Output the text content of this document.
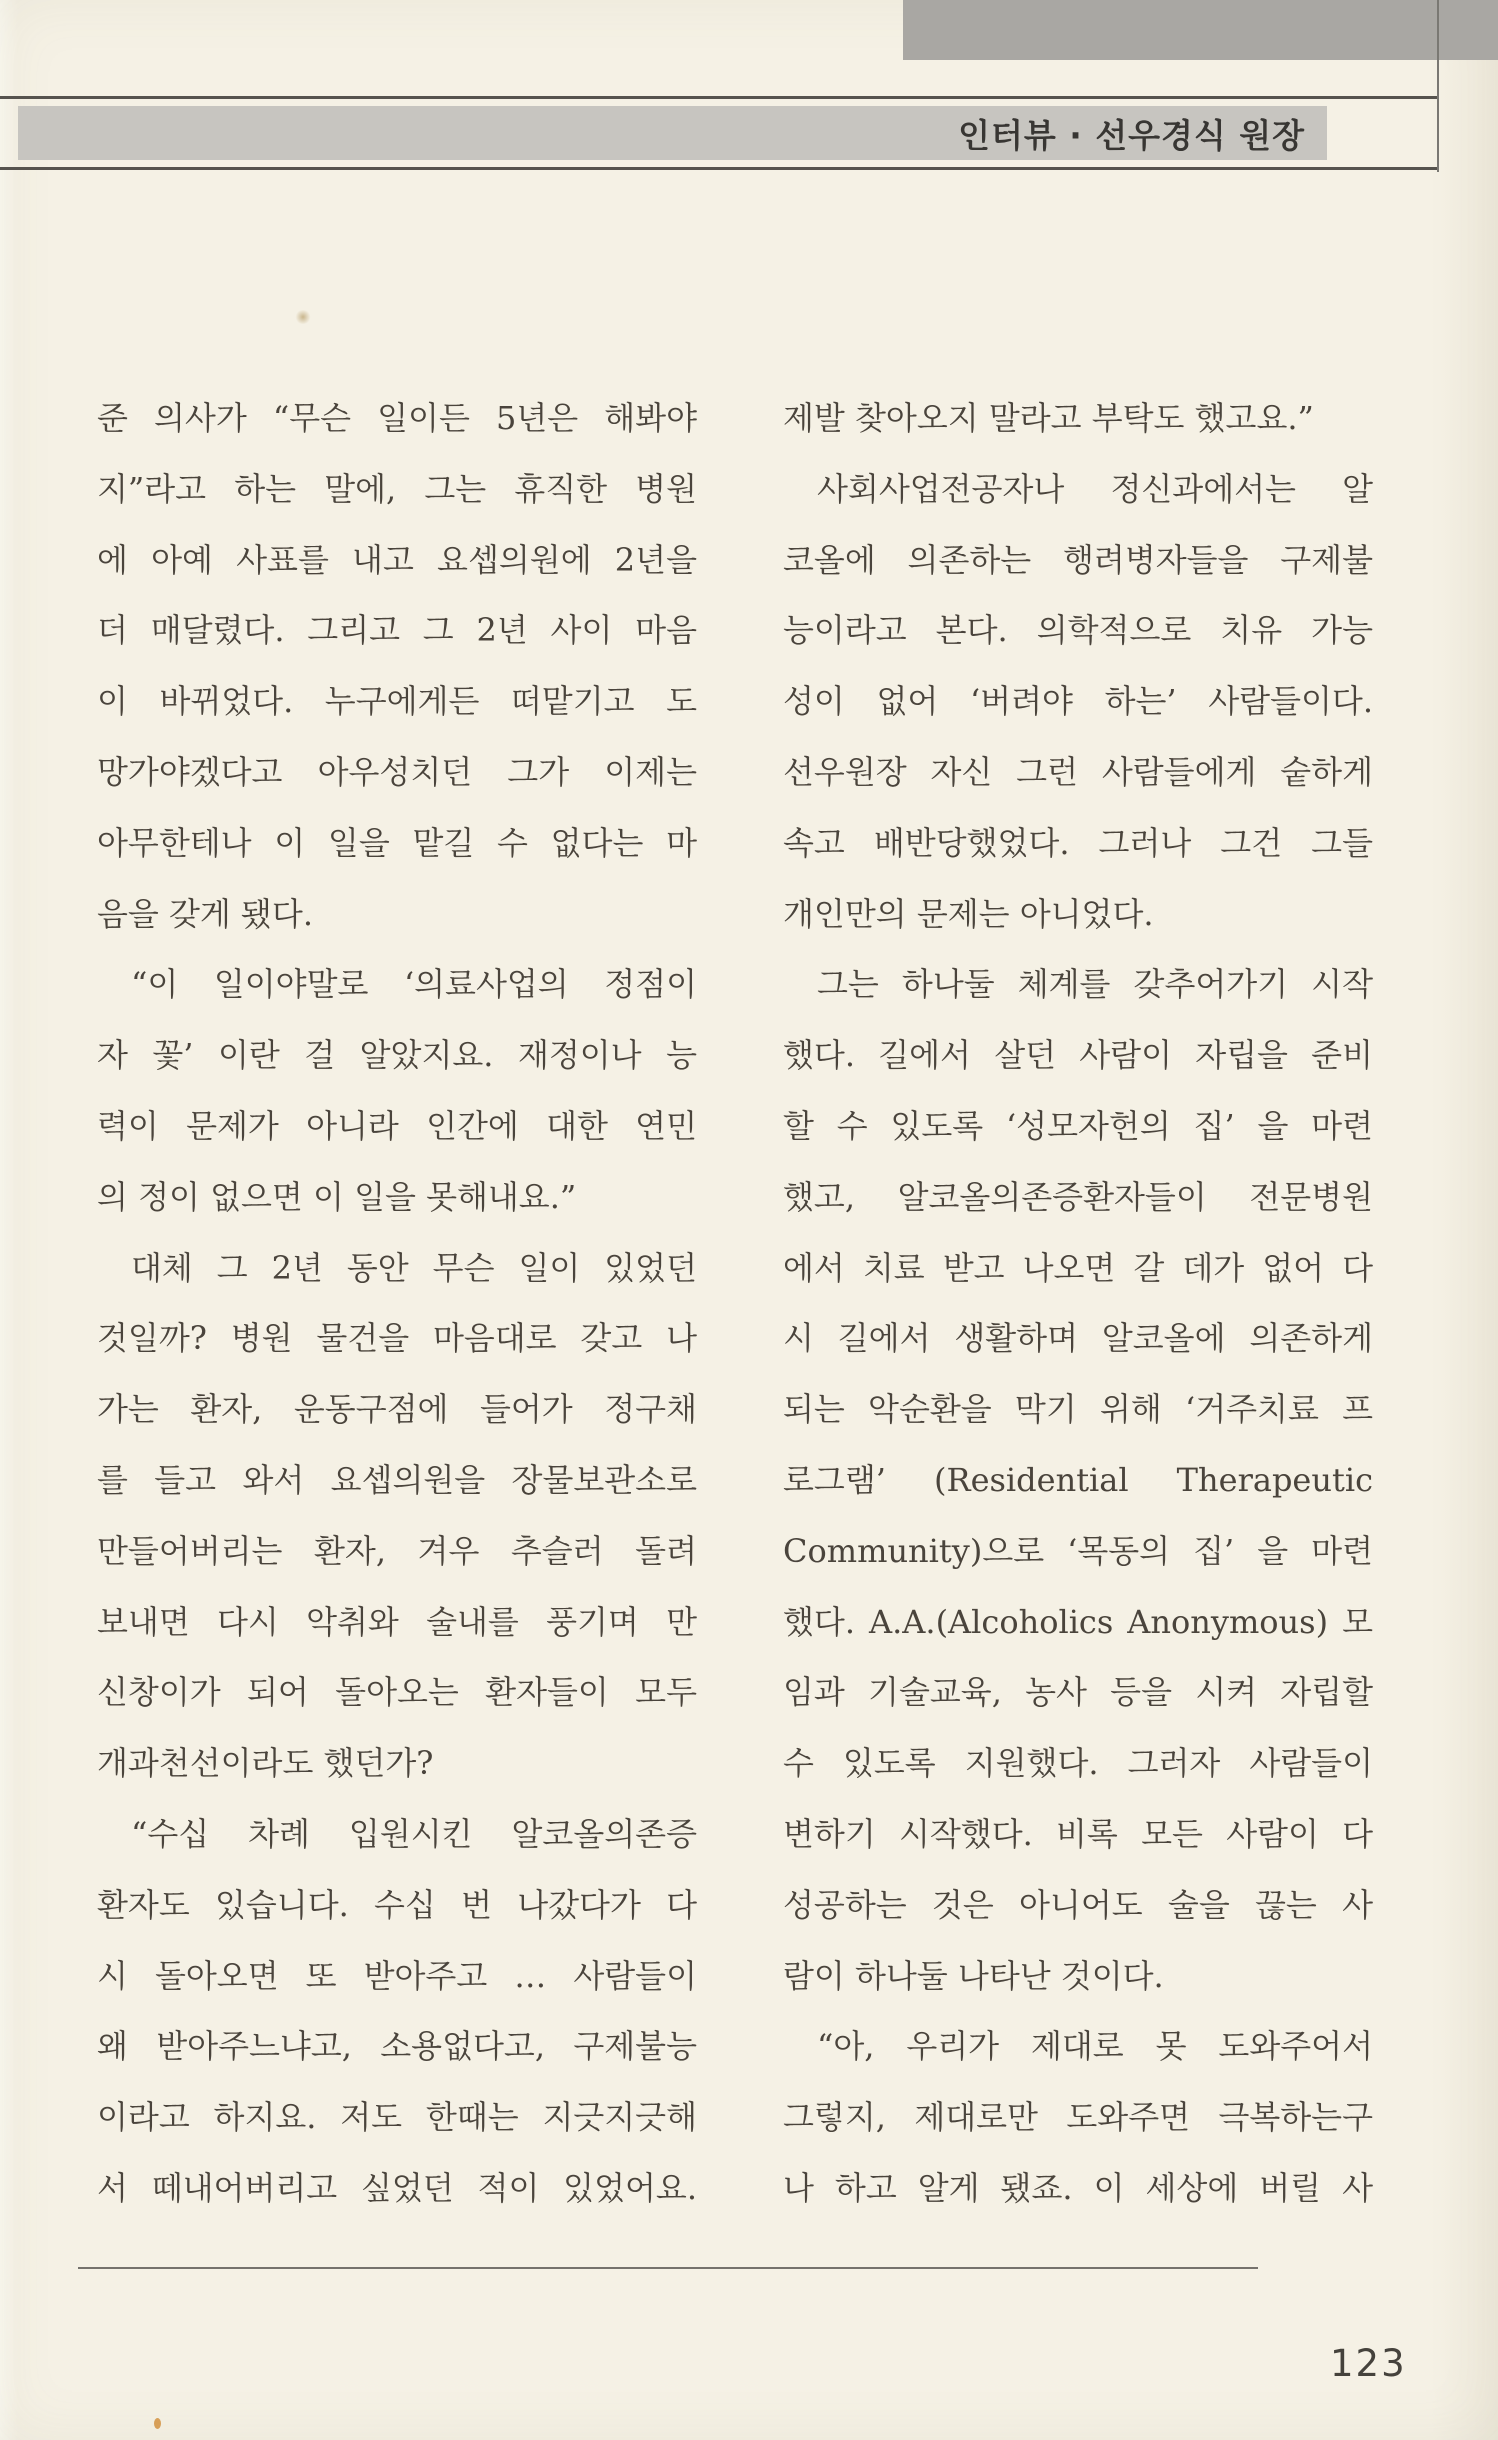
인터뷰 · 선우경식 원장
준 의사가 “무슨 일이든 5년은 해봐야
지”라고 하는 말에, 그는 휴직한 병원
에 아예 사표를 내고 요셉의원에 2년을
더 매달렸다. 그리고 그 2년 사이 마음
이 바뀌었다. 누구에게든 떠맡기고 도
망가야겠다고 아우성치던 그가 이제는
아무한테나 이 일을 맡길 수 없다는 마
음을 갖게 됐다.
“이 일이야말로 ‘의료사업의 정점이
자 꽃’ 이란 걸 알았지요. 재정이나 능
력이 문제가 아니라 인간에 대한 연민
의 정이 없으면 이 일을 못해내요.”
대체 그 2년 동안 무슨 일이 있었던
것일까? 병원 물건을 마음대로 갖고 나
가는 환자, 운동구점에 들어가 정구채
를 들고 와서 요셉의원을 장물보관소로
만들어버리는 환자, 겨우 추슬러 돌려
보내면 다시 악취와 술내를 풍기며 만
신창이가 되어 돌아오는 환자들이 모두
개과천선이라도 했던가?
“수십 차례 입원시킨 알코올의존증
환자도 있습니다. 수십 번 나갔다가 다
시 돌아오면 또 받아주고 … 사람들이
왜 받아주느냐고, 소용없다고, 구제불능
이라고 하지요. 저도 한때는 지긋지긋해
서 떼내어버리고 싶었던 적이 있었어요.
제발 찾아오지 말라고 부탁도 했고요.”
사회사업전공자나 정신과에서는 알
코올에 의존하는 행려병자들을 구제불
능이라고 본다. 의학적으로 치유 가능
성이 없어 ‘버려야 하는’ 사람들이다.
선우원장 자신 그런 사람들에게 숱하게
속고 배반당했었다. 그러나 그건 그들
개인만의 문제는 아니었다.
그는 하나둘 체계를 갖추어가기 시작
했다. 길에서 살던 사람이 자립을 준비
할 수 있도록 ‘성모자헌의 집’ 을 마련
했고, 알코올의존증환자들이 전문병원
에서 치료 받고 나오면 갈 데가 없어 다
시 길에서 생활하며 알코올에 의존하게
되는 악순환을 막기 위해 ‘거주치료 프
로그램’ (Residential Therapeutic
Community)으로 ‘목동의 집’ 을 마련
했다. A.A.(Alcoholics Anonymous) 모
임과 기술교육, 농사 등을 시켜 자립할
수 있도록 지원했다. 그러자 사람들이
변하기 시작했다. 비록 모든 사람이 다
성공하는 것은 아니어도 술을 끊는 사
람이 하나둘 나타난 것이다.
“아, 우리가 제대로 못 도와주어서
그렇지, 제대로만 도와주면 극복하는구
나 하고 알게 됐죠. 이 세상에 버릴 사
123
